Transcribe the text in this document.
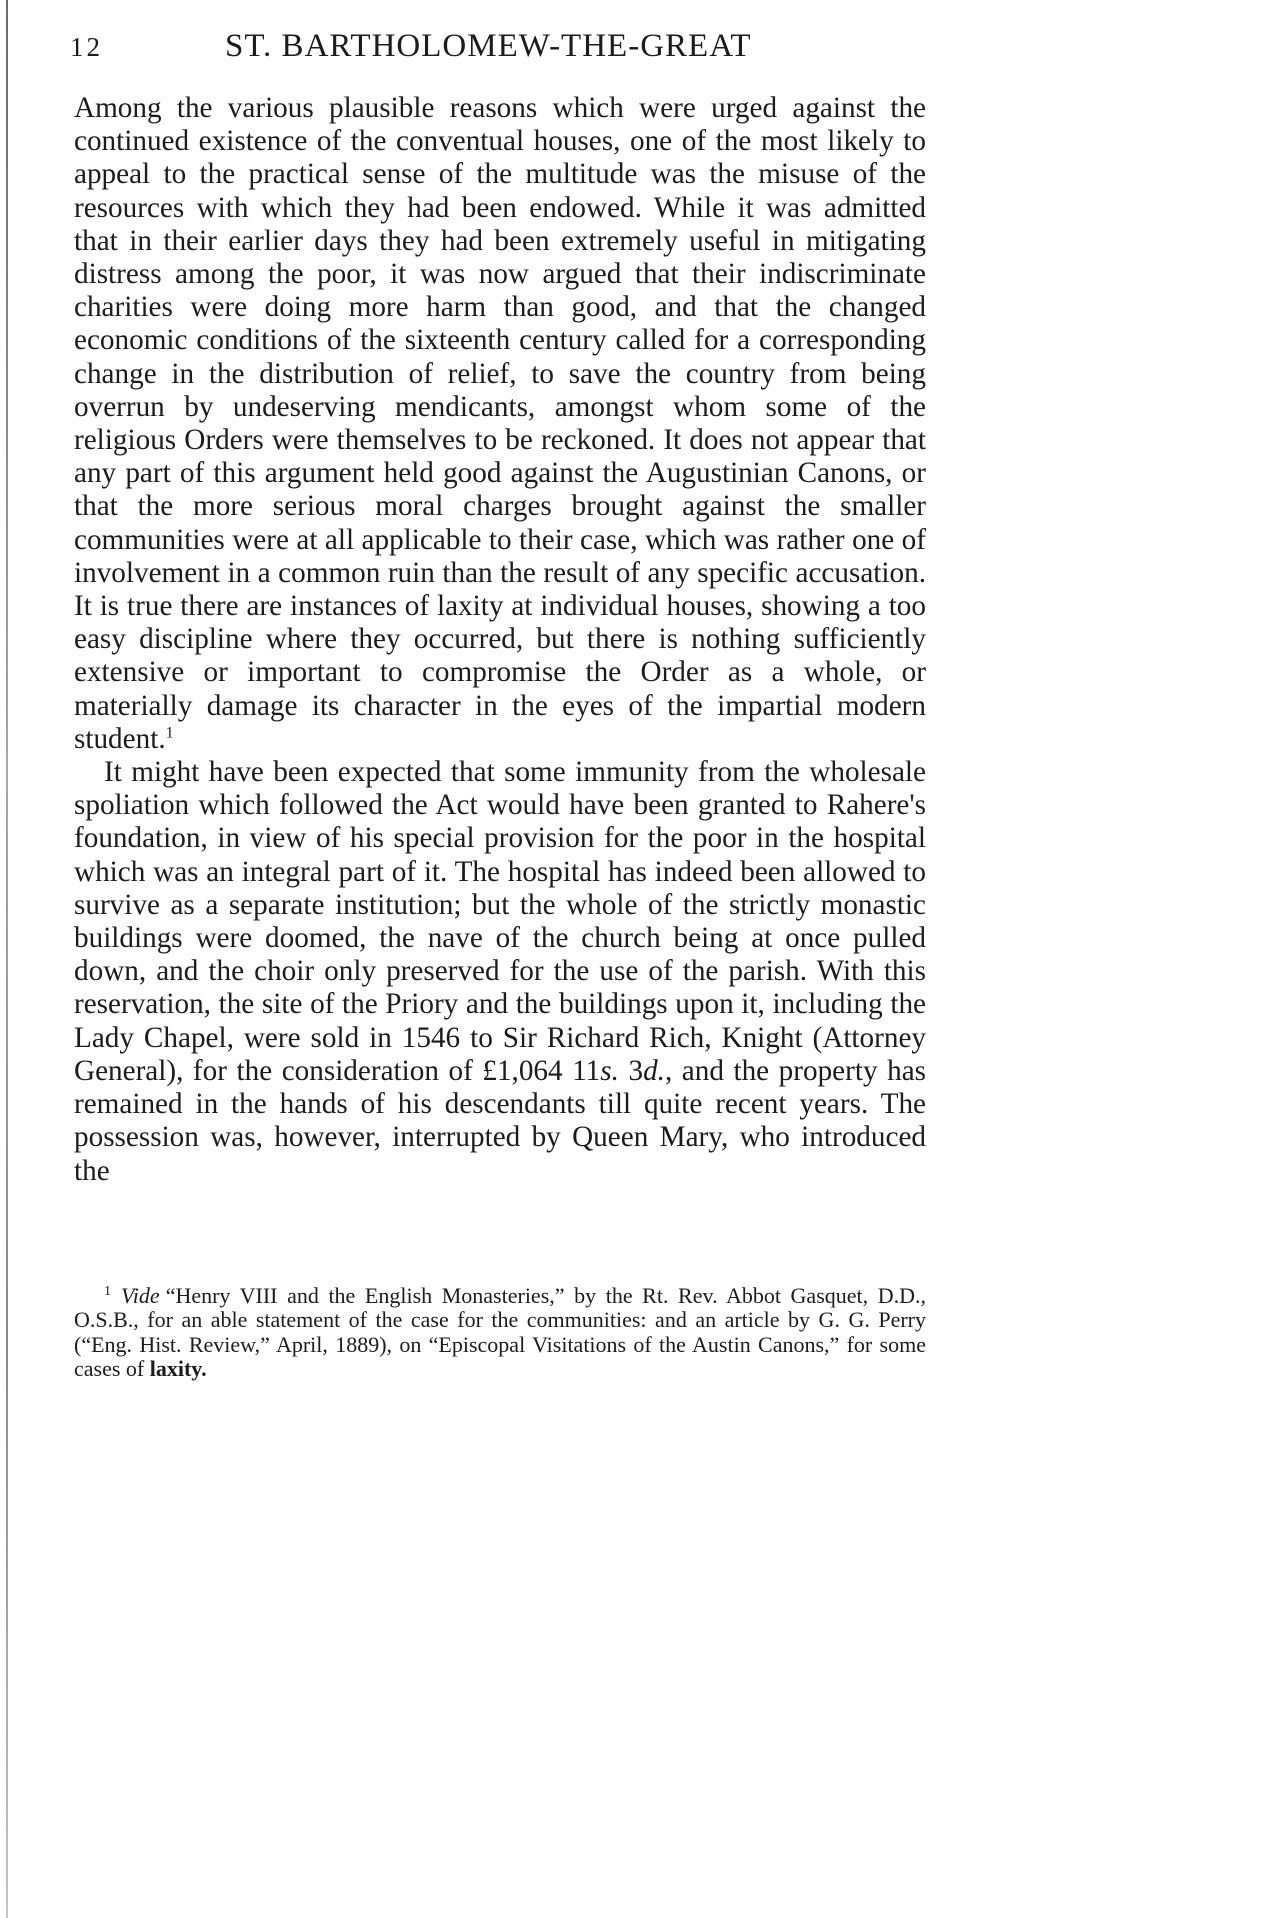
12	ST. BARTHOLOMEW-THE-GREAT

Among the various plausible reasons which were urged against the continued existence of the conventual houses, one of the most likely to appeal to the practical sense of the multitude was the misuse of the resources with which they had been endowed. While it was admitted that in their earlier days they had been extremely useful in mitigating distress among the poor, it was now argued that their indiscriminate charities were doing more harm than good, and that the changed economic conditions of the sixteenth century called for a corresponding change in the distribution of relief, to save the country from being overrun by undeserving mendicants, amongst whom some of the religious Orders were themselves to be reckoned. It does not appear that any part of this argument held good against the Augustinian Canons, or that the more serious moral charges brought against the smaller communities were at all applicable to their case, which was rather one of involvement in a common ruin than the result of any specific accusation. It is true there are instances of laxity at individual houses, showing a too easy discipline where they occurred, but there is nothing sufficiently extensive or important to compromise the Order as a whole, or materially damage its character in the eyes of the impartial modern student.$^1$

It might have been expected that some immunity from the wholesale spoliation which followed the Act would have been granted to Rahere's foundation, in view of his special provision for the poor in the hospital which was an integral part of it. The hospital has indeed been allowed to survive as a separate institution; but the whole of the strictly monastic buildings were doomed, the nave of the church being at once pulled down, and the choir only preserved for the use of the parish. With this reservation, the site of the Priory and the buildings upon it, including the Lady Chapel, were sold in 1546 to Sir Richard Rich, Knight (Attorney General), for the consideration of £1,064 11s. 3d., and the property has remained in the hands of his descendants till quite recent years. The possession was, however, interrupted by Queen Mary, who introduced the

$^1$ Vide “Henry VIII and the English Monasteries,” by the Rt. Rev. Abbot Gasquet, D.D., O.S.B., for an able statement of the case for the communities: and an article by G. G. Perry (“Eng. Hist. Review,” April, 1889), on “Episcopal Visitations of the Austin Canons,” for some cases of laxity.
